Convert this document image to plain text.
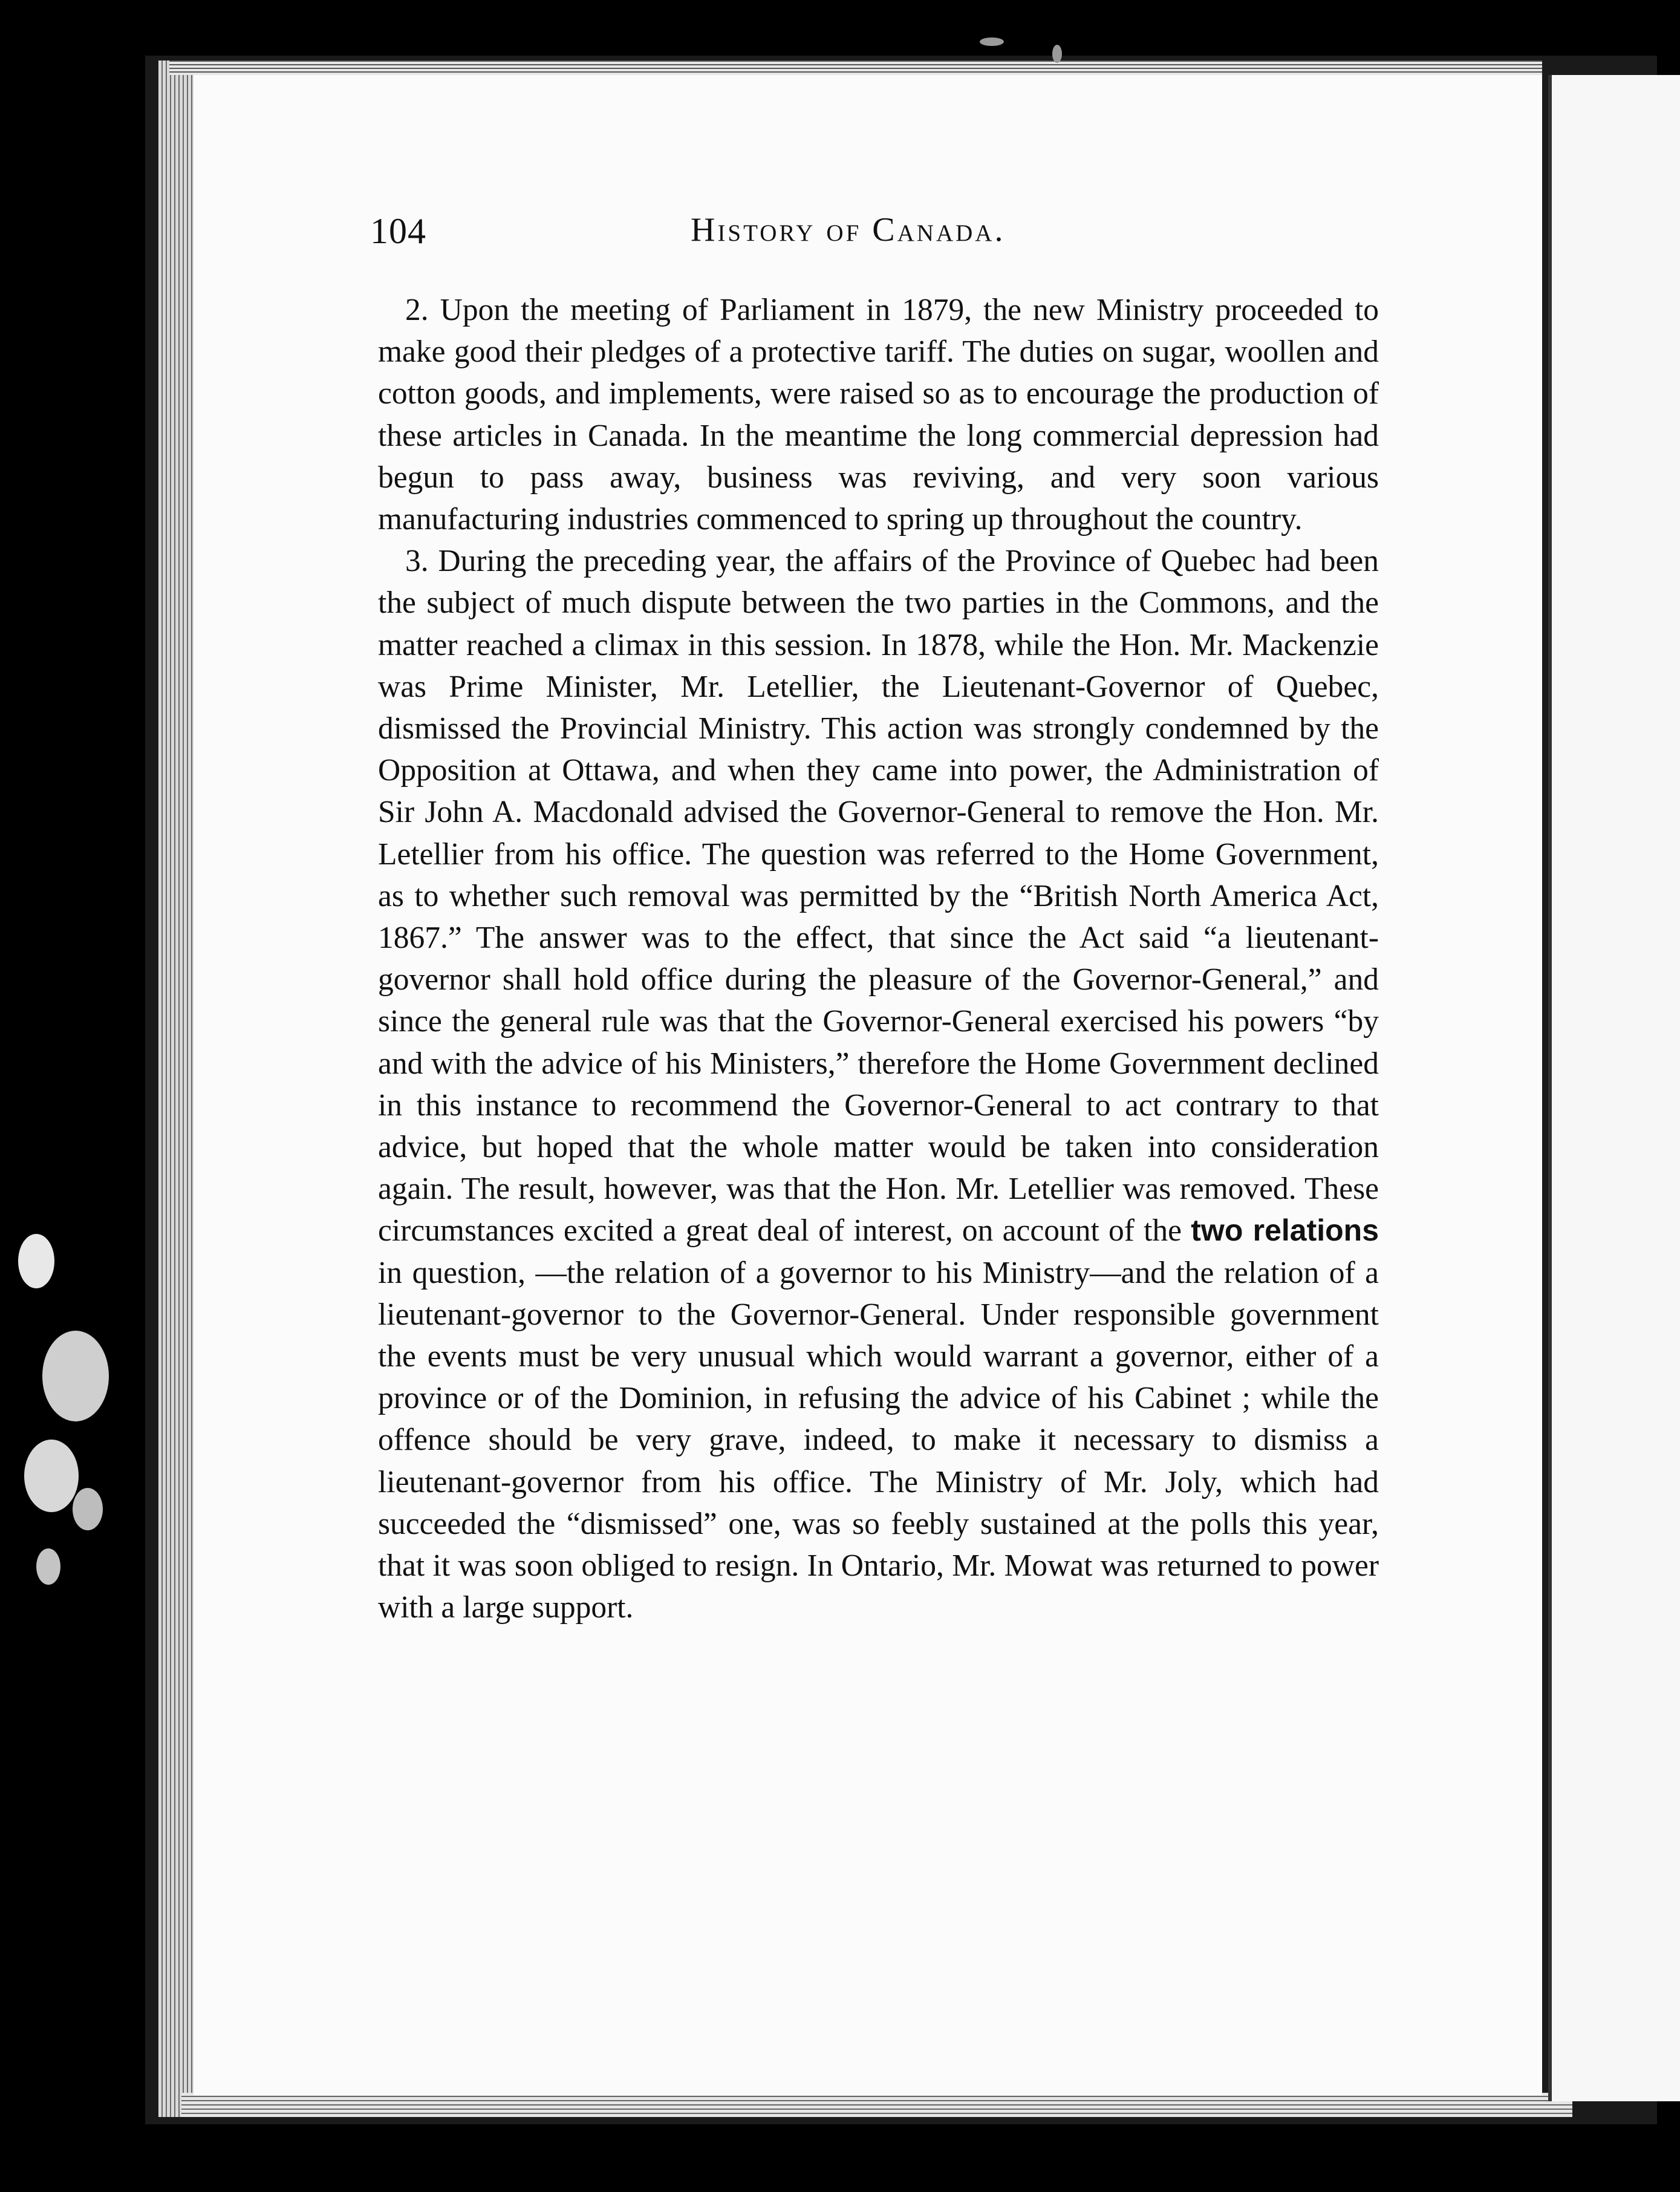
104	History of Canada.

2. Upon the meeting of Parliament in 1879, the new Ministry proceeded to make good their pledges of a protective tariff. The duties on sugar, woollen and cotton goods, and implements, were raised so as to encourage the production of these articles in Canada. In the meantime the long commercial depression had begun to pass away, business was reviving, and very soon various manufacturing industries commenced to spring up throughout the country.

3. During the preceding year, the affairs of the Province of Quebec had been the subject of much dispute between the two parties in the Commons, and the matter reached a climax in this session. In 1878, while the Hon. Mr. Mackenzie was Prime Minister, Mr. Letellier, the Lieutenant-Governor of Quebec, dismissed the Provincial Ministry. This action was strongly condemned by the Opposition at Ottawa, and when they came into power, the Administration of Sir John A. Macdonald advised the Governor-General to remove the Hon. Mr. Letellier from his office. The question was referred to the Home Government, as to whether such removal was permitted by the “British North America Act, 1867.” The answer was to the effect, that since the Act said “a lieutenant-governor shall hold office during the pleasure of the Governor-General,” and since the general rule was that the Governor-General exercised his powers “by and with the advice of his Ministers,” therefore the Home Government declined in this instance to recommend the Governor-General to act contrary to that advice, but hoped that the whole matter would be taken into consideration again. The result, however, was that the Hon. Mr. Letellier was removed. These circumstances excited a great deal of interest, on account of the two relations in question, —the relation of a governor to his Ministry—and the relation of a lieutenant-governor to the Governor-General. Under responsible government the events must be very unusual which would warrant a governor, either of a province or of the Dominion, in refusing the advice of his Cabinet ; while the offence should be very grave, indeed, to make it necessary to dismiss a lieutenant-governor from his office. The Ministry of Mr. Joly, which had succeeded the “dismissed” one, was so feebly sustained at the polls this year, that it was soon obliged to resign. In Ontario, Mr. Mowat was returned to power with a large support.
